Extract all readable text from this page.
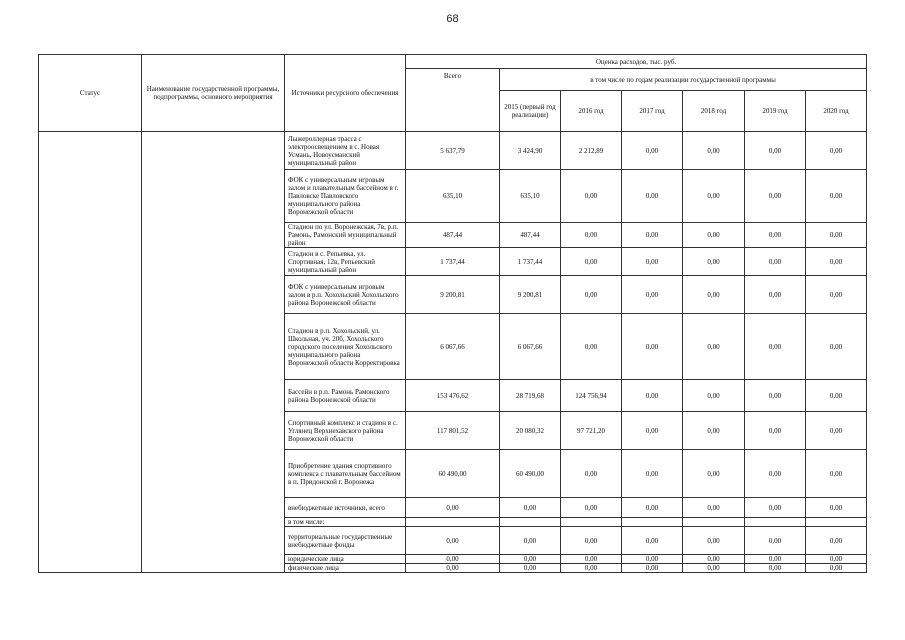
68
Статус	Наименование государственной программы, подпрограммы, основного мероприятия	Источники ресурсного обеспечения	Оценка расходов, тыс. руб.						
			Всего	в том числе по годам реализации государственной программы					
				2015 (первый год реализации)	2016 год	2017 год	2018 год	2019 год	2020 год
		Лыжероллерная трасса с электроосвещением в с. Новая Усмань, Новоусманский муниципальный район	5 637,79	3 424,90	2 212,89	0,00	0,00	0,00	0,00
		ФОК с универсальным игровым залом и плавательным бассейном в г. Павловске Павловского муниципального района Воронежской области	635,10	635,10	0,00	0,00	0,00	0,00	0,00
		Стадион по ул. Воронежская, 7в, р.п. Рамонь, Рамонский муниципальный район	487,44	487,44	0,00	0,00	0,00	0,00	0,00
		Стадион в с. Репьевка, ул. Спортивная, 12в, Репьевский муниципальный район	1 737,44	1 737,44	0,00	0,00	0,00	0,00	0,00
		ФОК с универсальным игровым залом в р.п. Хохольский Хохольского района Воронежской области	9 200,81	9 200,81	0,00	0,00	0,00	0,00	0,00
		Стадион в р.п. Хохольский, ул. Школьная, уч. 20б, Хохольского городского поселения Хохольского муниципального района Воронежской области Корректировка	6 067,66	6 067,66	0,00	0,00	0,00	0,00	0,00
		Бассейн в р.п. Рамонь Рамонского района Воронежской области	153 476,62	28 719,68	124 756,94	0,00	0,00	0,00	0,00
		Спортивный комплекс и стадион в с. Углянец Верхнехавского района Воронежской области	117 801,52	20 080,32	97 721,20	0,00	0,00	0,00	0,00
		Приобретение здания спортивного комплекса с плавательным бассейном в п. Придонской г. Воронежа	60 490,00	60 490,00	0,00	0,00	0,00	0,00	0,00
		внебюджетные источники, всего	0,00	0,00	0,00	0,00	0,00	0,00	0,00
		в том числе:							
		территориальные государственные внебюджетные фонды	0,00	0,00	0,00	0,00	0,00	0,00	0,00
		юридические лица	0,00	0,00	0,00	0,00	0,00	0,00	0,00
		физические лица	0,00	0,00	0,00	0,00	0,00	0,00	0,00
